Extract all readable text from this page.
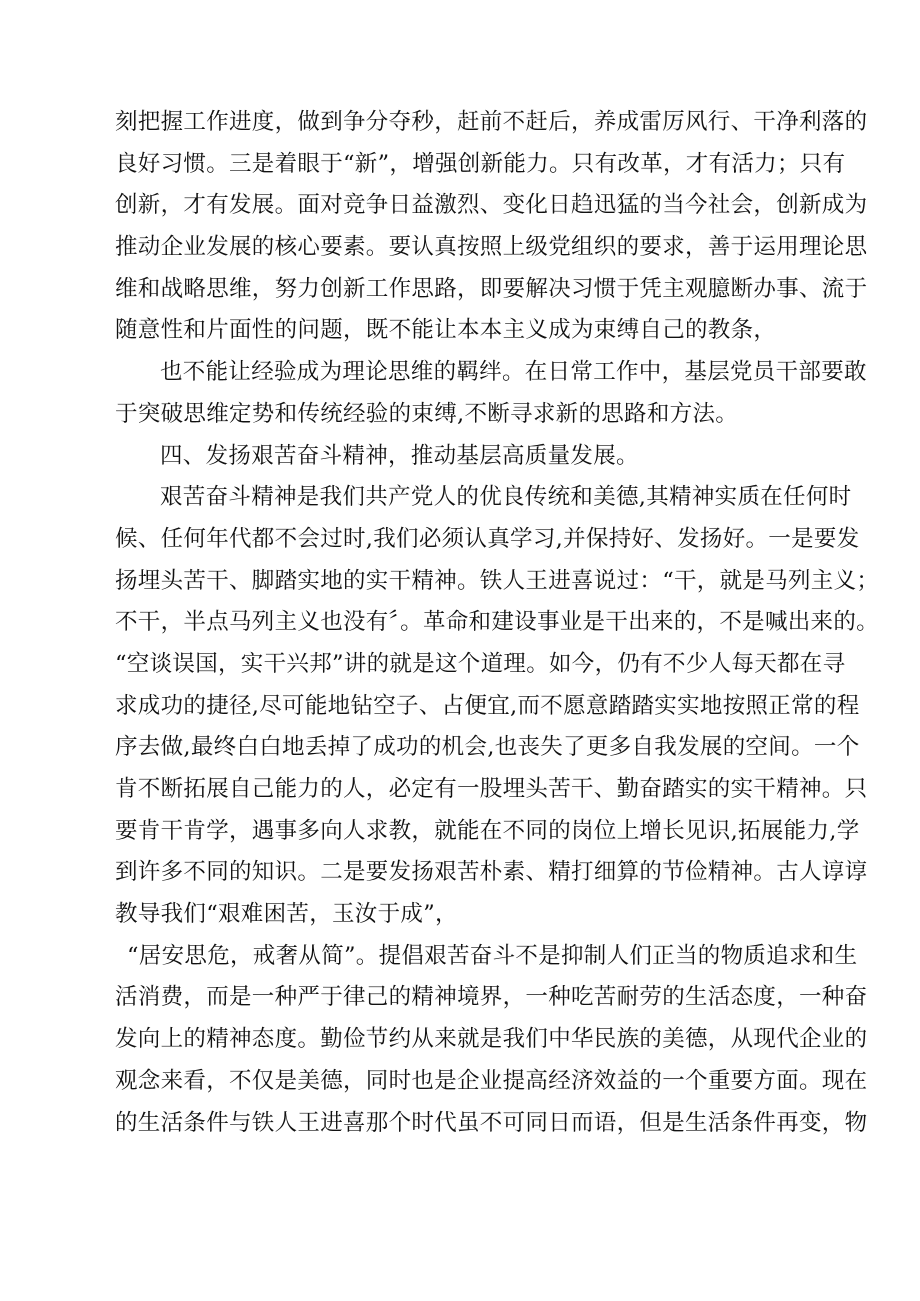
刻把握工作进度，做到争分夺秒，赶前不赶后，养成雷厉风行、干净利落的
良好习惯。三是着眼于“新”，增强创新能力。只有改革，才有活力；只有
创新，才有发展。面对竞争日益激烈、变化日趋迅猛的当今社会，创新成为
推动企业发展的核心要素。要认真按照上级党组织的要求，善于运用理论思
维和战略思维，努力创新工作思路，即要解决习惯于凭主观臆断办事、流于
随意性和片面性的问题，既不能让本本主义成为束缚自己的教条，
也不能让经验成为理论思维的羁绊。在日常工作中，基层党员干部要敢
于突破思维定势和传统经验的束缚,不断寻求新的思路和方法。
四、发扬艰苦奋斗精神，推动基层高质量发展。
艰苦奋斗精神是我们共产党人的优良传统和美德,其精神实质在任何时
候、任何年代都不会过时,我们必须认真学习,并保持好、发扬好。一是要发
扬埋头苦干、脚踏实地的实干精神。铁人王进喜说过：“干，就是马列主义；
不干，半点马列主义也没有〞。革命和建设事业是干出来的，不是喊出来的。
“空谈误国，实干兴邦”讲的就是这个道理。如今，仍有不少人每天都在寻
求成功的捷径,尽可能地钻空子、占便宜,而不愿意踏踏实实地按照正常的程
序去做,最终白白地丢掉了成功的机会,也丧失了更多自我发展的空间。一个
肯不断拓展自己能力的人，必定有一股埋头苦干、勤奋踏实的实干精神。只
要肯干肯学，遇事多向人求教，就能在不同的岗位上增长见识,拓展能力,学
到许多不同的知识。二是要发扬艰苦朴素、精打细算的节俭精神。古人谆谆
教导我们“艰难困苦，玉汝于成”，
“居安思危，戒奢从简”。提倡艰苦奋斗不是抑制人们正当的物质追求和生
活消费，而是一种严于律己的精神境界，一种吃苦耐劳的生活态度，一种奋
发向上的精神态度。勤俭节约从来就是我们中华民族的美德，从现代企业的
观念来看，不仅是美德，同时也是企业提高经济效益的一个重要方面。现在
的生活条件与铁人王进喜那个时代虽不可同日而语，但是生活条件再变，物
